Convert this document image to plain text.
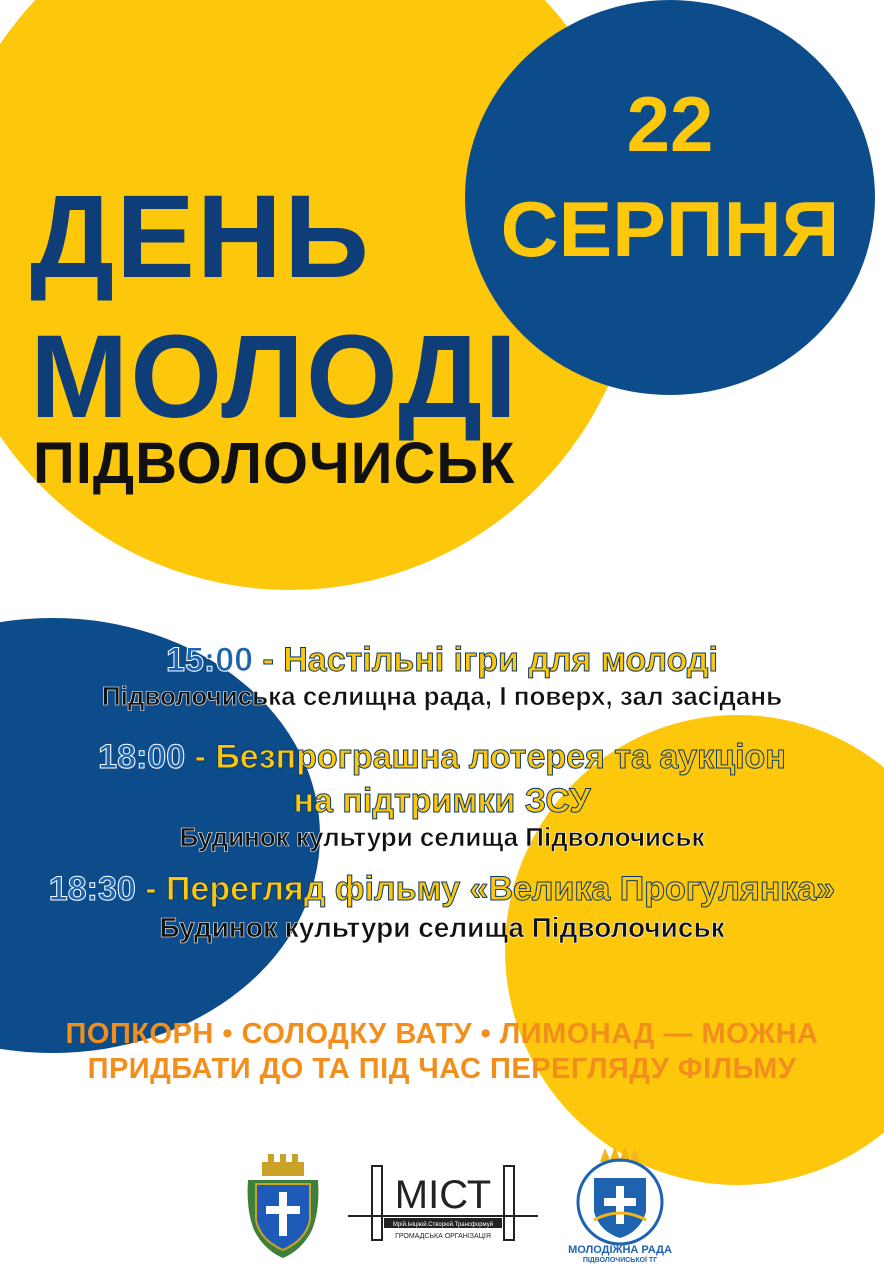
22
СЕРПНЯ
ДЕНЬ
МОЛОДІ
ПІДВОЛОЧИСЬК
15:00 - Настільні ігри для молоді
Підволочиська селищна рада, І поверх, зал засідань
18:00 - Безпрограшна лотерея та аукціон
на підтримки ЗСУ
Будинок культури селища Підволочиськ
18:30 - Перегляд фільму «Велика Прогулянка»
Будинок культури селища Підволочиськ
ПОПКОРН • СОЛОДКУ ВАТУ • ЛИМОНАД — МОЖНА
ПРИДБАТИ ДО ТА ПІД ЧАС ПЕРЕГЛЯДУ ФІЛЬМУ
МІСТ
Мрій.Ініціюй.Створюй.Трансформуй
ГРОМАДСЬКА ОРГАНІЗАЦІЯ
МОЛОДІЖНА РАДА
ПІДВОЛОЧИСЬКОЇ ТГ
